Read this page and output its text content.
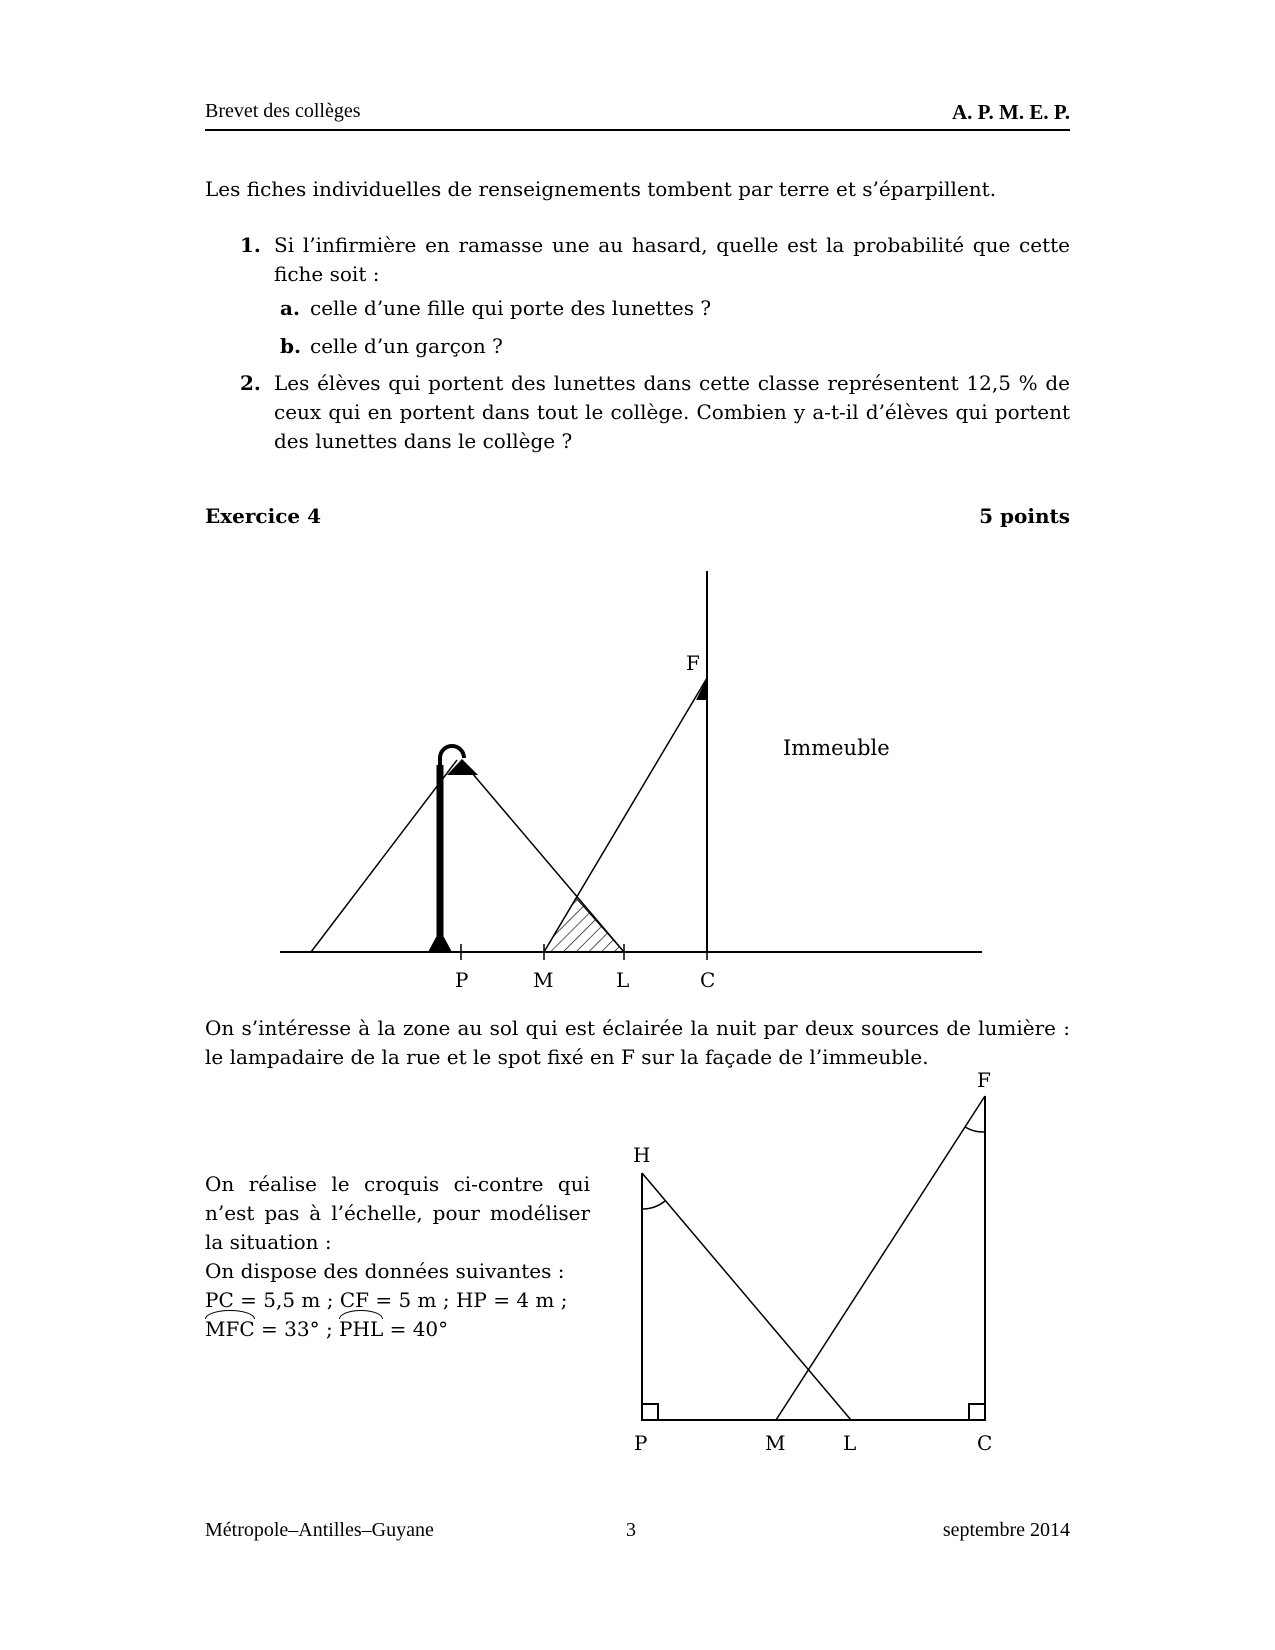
Brevet des collèges	A. P. M. E. P.
Les fiches individuelles de renseignements tombent par terre et s’éparpillent.
1. Si l’infirmière en ramasse une au hasard, quelle est la probabilité que cette fiche soit :
a. celle d’une fille qui porte des lunettes ?
b. celle d’un garçon ?
2. Les élèves qui portent des lunettes dans cette classe représentent 12,5 % de ceux qui en portent dans tout le collège. Combien y a-t-il d’élèves qui portent des lunettes dans le collège ?
Exercice 4	5 points
F
Immeuble
P	M	L	C
On s’intéresse à la zone au sol qui est éclairée la nuit par deux sources de lumière : le lampadaire de la rue et le spot fixé en F sur la façade de l’immeuble.
On réalise le croquis ci-contre qui n’est pas à l’échelle, pour modéliser la situation :
On dispose des données suivantes :
PC = 5,5 m ; CF = 5 m ; HP = 4 m ;
MFC = 33° ; PHL = 40°
H
F
P	M	L	C
Métropole–Antilles–Guyane	3	septembre 2014
